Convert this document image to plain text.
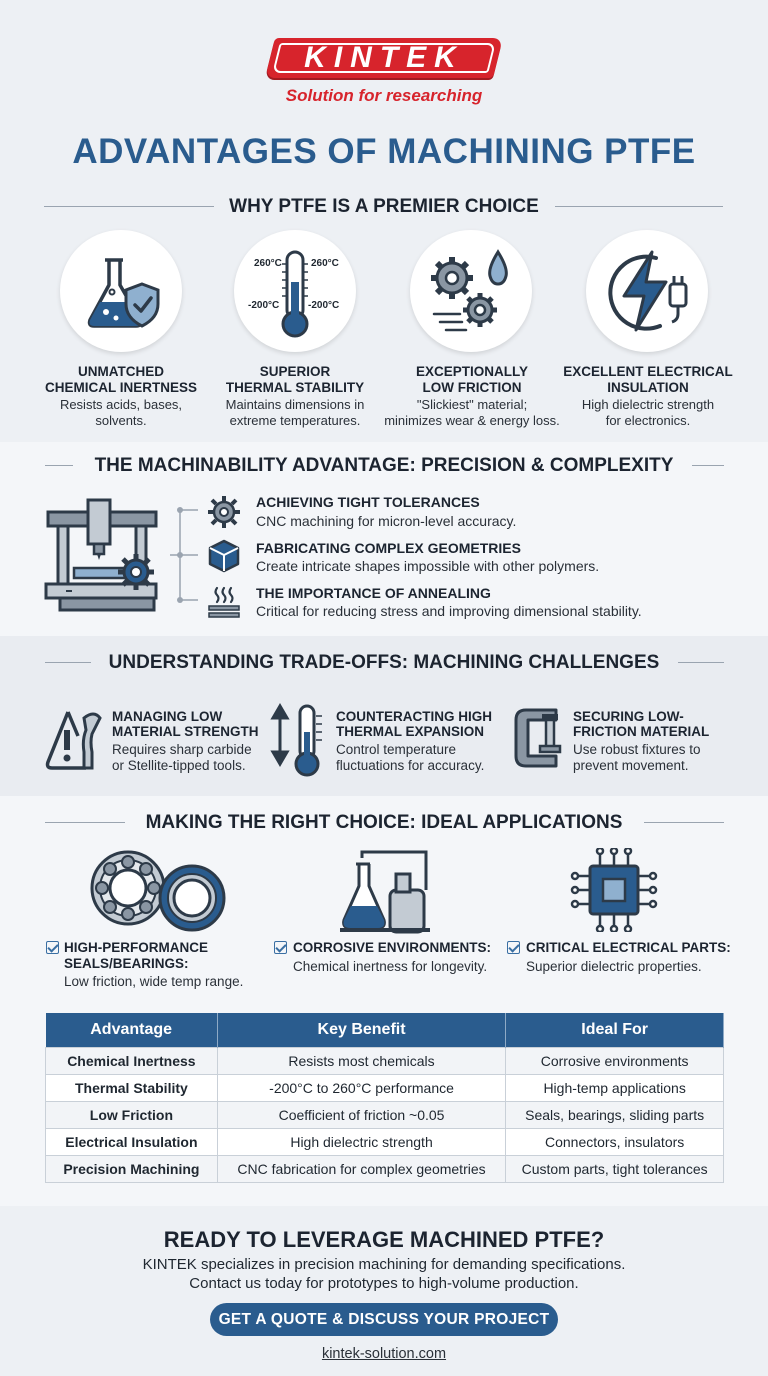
KINTEK
Solution for researching
ADVANTAGES OF MACHINING PTFE
WHY PTFE IS A PREMIER CHOICE
260°C	260°C
-200°C	-200°C
UNMATCHED
CHEMICAL INERTNESS
Resists acids, bases,
solvents.
SUPERIOR
THERMAL STABILITY
Maintains dimensions in
extreme temperatures.
EXCEPTIONALLY
LOW FRICTION
"Slickiest" material;
minimizes wear & energy loss.
EXCELLENT ELECTRICAL
INSULATION
High dielectric strength
for electronics.
THE MACHINABILITY ADVANTAGE: PRECISION & COMPLEXITY
ACHIEVING TIGHT TOLERANCES
CNC machining for micron-level accuracy.
FABRICATING COMPLEX GEOMETRIES
Create intricate shapes impossible with other polymers.
THE IMPORTANCE OF ANNEALING
Critical for reducing stress and improving dimensional stability.
UNDERSTANDING TRADE-OFFS: MACHINING CHALLENGES
MANAGING LOW
MATERIAL STRENGTH
Requires sharp carbide
or Stellite-tipped tools.
COUNTERACTING HIGH
THERMAL EXPANSION
Control temperature
fluctuations for accuracy.
SECURING LOW-
FRICTION MATERIAL
Use robust fixtures to
prevent movement.
MAKING THE RIGHT CHOICE: IDEAL APPLICATIONS
HIGH-PERFORMANCE
SEALS/BEARINGS:
Low friction, wide temp range.
CORROSIVE ENVIRONMENTS:
Chemical inertness for longevity.
CRITICAL ELECTRICAL PARTS:
Superior dielectric properties.
Advantage	Key Benefit	Ideal For
Chemical Inertness	Resists most chemicals	Corrosive environments
Thermal Stability	-200°C to 260°C performance	High-temp applications
Low Friction	Coefficient of friction ~0.05	Seals, bearings, sliding parts
Electrical Insulation	High dielectric strength	Connectors, insulators
Precision Machining	CNC fabrication for complex geometries	Custom parts, tight tolerances
READY TO LEVERAGE MACHINED PTFE?
KINTEK specializes in precision machining for demanding specifications.
Contact us today for prototypes to high-volume production.
GET A QUOTE & DISCUSS YOUR PROJECT
kintek-solution.com
